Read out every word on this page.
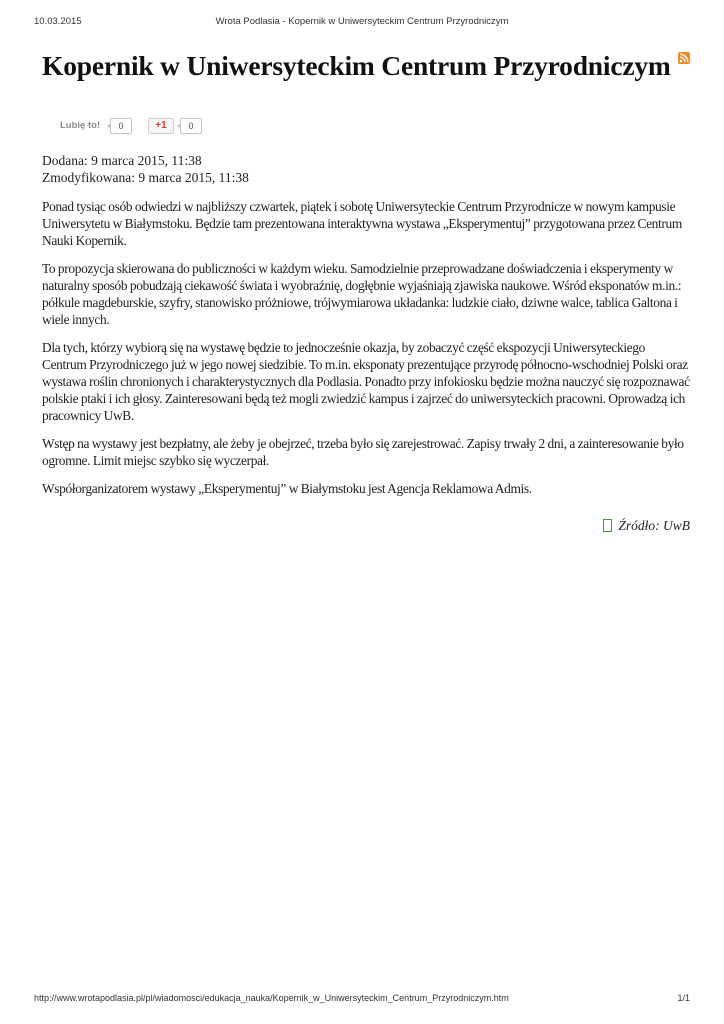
10.03.2015	Wrota Podlasia - Kopernik w Uniwersyteckim Centrum Przyrodniczym
Kopernik w Uniwersyteckim Centrum Przyrodniczym
Lubię to!	0	+1	0
Dodana: 9 marca 2015, 11:38
Zmodyfikowana: 9 marca 2015, 11:38

Ponad tysiąc osób odwiedzi w najbliższy czwartek, piątek i sobotę Uniwersyteckie Centrum Przyrodnicze w nowym kampusie Uniwersytetu w Białymstoku. Będzie tam prezentowana interaktywna wystawa „Eksperymentuj” przygotowana przez Centrum Nauki Kopernik.

To propozycja skierowana do publiczności w każdym wieku. Samodzielnie przeprowadzane doświadczenia i eksperymenty w naturalny sposób pobudzają ciekawość świata i wyobraźnię, dogłębnie wyjaśniają zjawiska naukowe. Wśród eksponatów m.in.: półkule magdeburskie, szyfry, stanowisko próżniowe, trójwymiarowa układanka: ludzkie ciało, dziwne walce, tablica Galtona i wiele innych.

Dla tych, którzy wybiorą się na wystawę będzie to jednocześnie okazja, by zobaczyć część ekspozycji Uniwersyteckiego Centrum Przyrodniczego już w jego nowej siedzibie. To m.in. eksponaty prezentujące przyrodę północno-wschodniej Polski oraz wystawa roślin chronionych i charakterystycznych dla Podlasia. Ponadto przy infokiosku będzie można nauczyć się rozpoznawać polskie ptaki i ich głosy. Zainteresowani będą też mogli zwiedzić kampus i zajrzeć do uniwersyteckich pracowni. Oprowadzą ich pracownicy UwB.

Wstęp na wystawy jest bezpłatny, ale żeby je obejrzeć, trzeba było się zarejestrować. Zapisy trwały 2 dni, a zainteresowanie było ogromne. Limit miejsc szybko się wyczerpał.

Współorganizatorem wystawy „Eksperymentuj” w Białymstoku jest Agencja Reklamowa Admis.

Źródło: UwB
http://www.wrotapodlasia.pl/pl/wiadomosci/edukacja_nauka/Kopernik_w_Uniwersyteckim_Centrum_Przyrodniczym.htm	1/1
